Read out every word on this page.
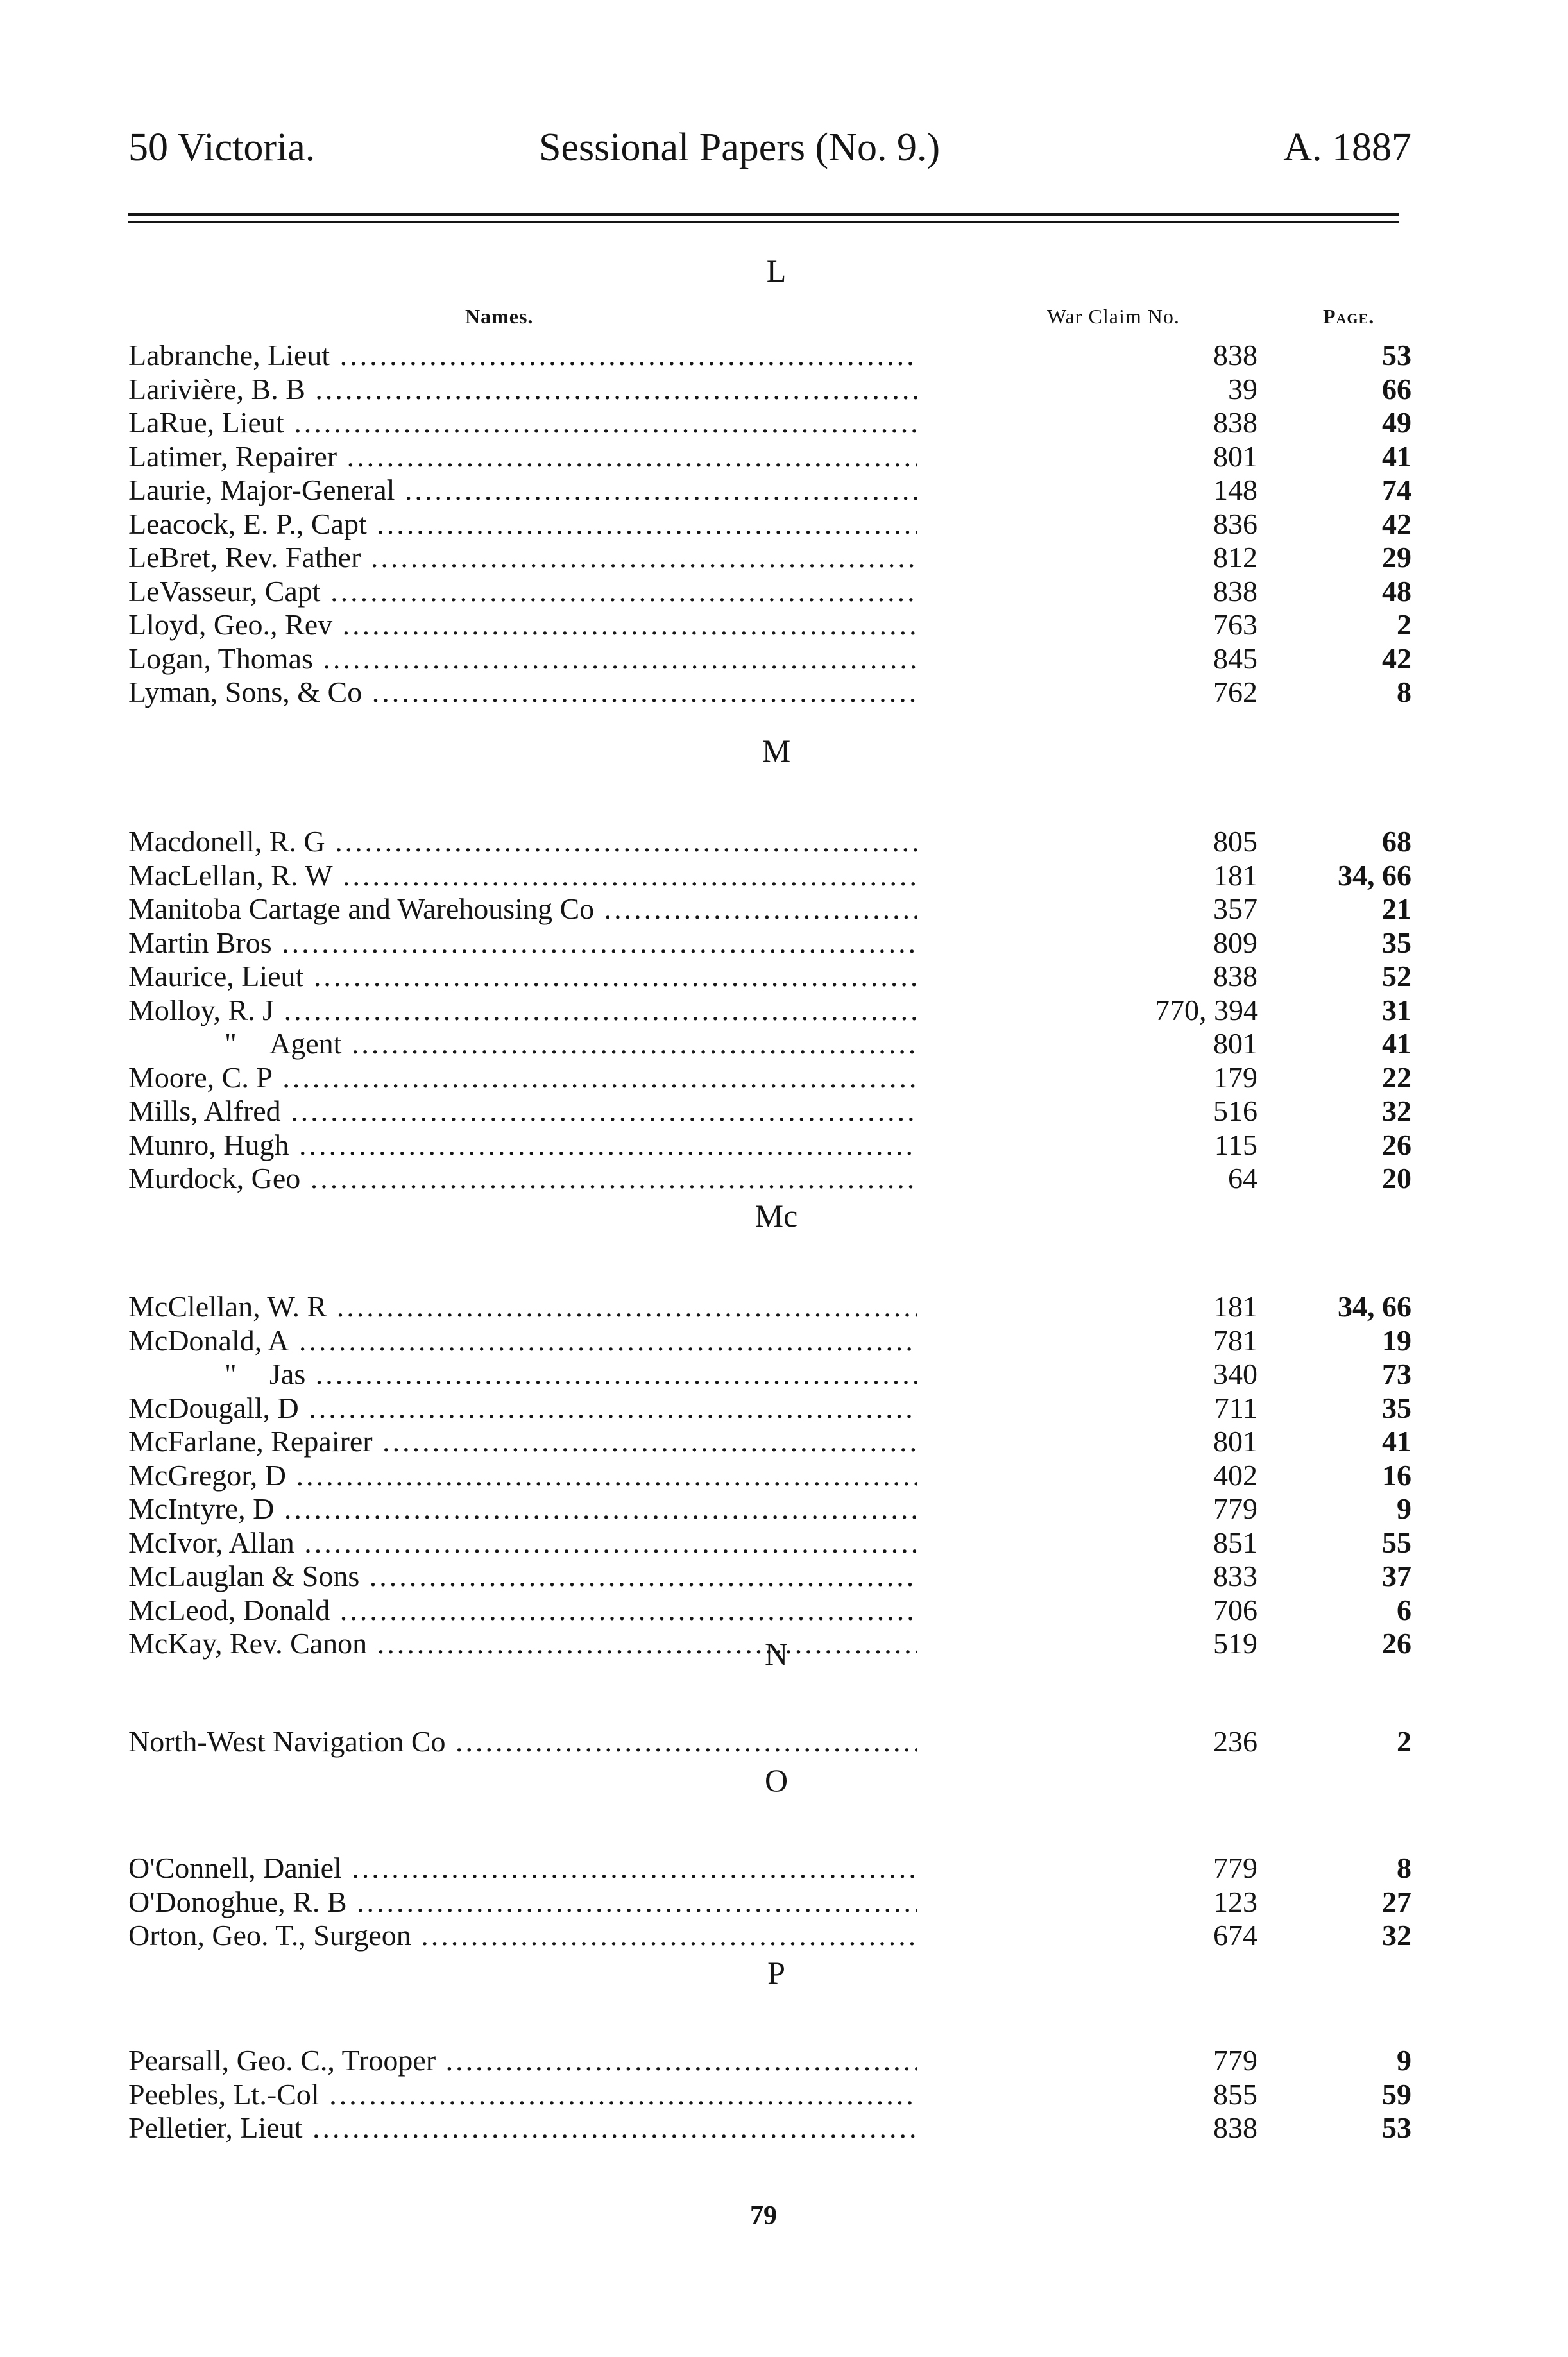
50 Victoria.	Sessional Papers (No. 9.)	A. 1887
Names.	War Claim No.	Page.
L
Labranche, Lieut .....	838	53
Larivière, B. B .....	39	66
LaRue, Lieut .....	838	49
Latimer, Repairer .....	801	41
Laurie, Major-General .....	148	74
Leacock, E. P., Capt .....	836	42
LeBret, Rev. Father .....	812	29
LeVasseur, Capt .....	838	48
Lloyd, Geo., Rev .....	763	2
Logan, Thomas .....	845	42
Lyman, Sons, & Co .....	762	8
M
Macdonell, R. G .....	805	68
MacLellan, R. W .....	181	34, 66
Manitoba Cartage and Warehousing Co .....	357	21
Martin Bros .....	809	35
Maurice, Lieut .....	838	52
Molloy, R. J .....	770, 394	31
" Agent .....	801	41
Moore, C. P .....	179	22
Mills, Alfred .....	516	32
Munro, Hugh .....	115	26
Murdock, Geo .....	64	20
Mc
McClellan, W. R .....	181	34, 66
McDonald, A .....	781	19
" Jas .....	340	73
McDougall, D .....	711	35
McFarlane, Repairer .....	801	41
McGregor, D .....	402	16
McIntyre, D .....	779	9
McIvor, Allan .....	851	55
McLauglan & Sons .....	833	37
McLeod, Donald .....	706	6
McKay, Rev. Canon .....	519	26
N
North-West Navigation Co .....	236	2
O
O'Connell, Daniel .....	779	8
O'Donoghue, R. B .....	123	27
Orton, Geo. T., Surgeon .....	674	32
P
Pearsall, Geo. C., Trooper .....	779	9
Peebles, Lt.-Col .....	855	59
Pelletier, Lieut .....	838	53
79
